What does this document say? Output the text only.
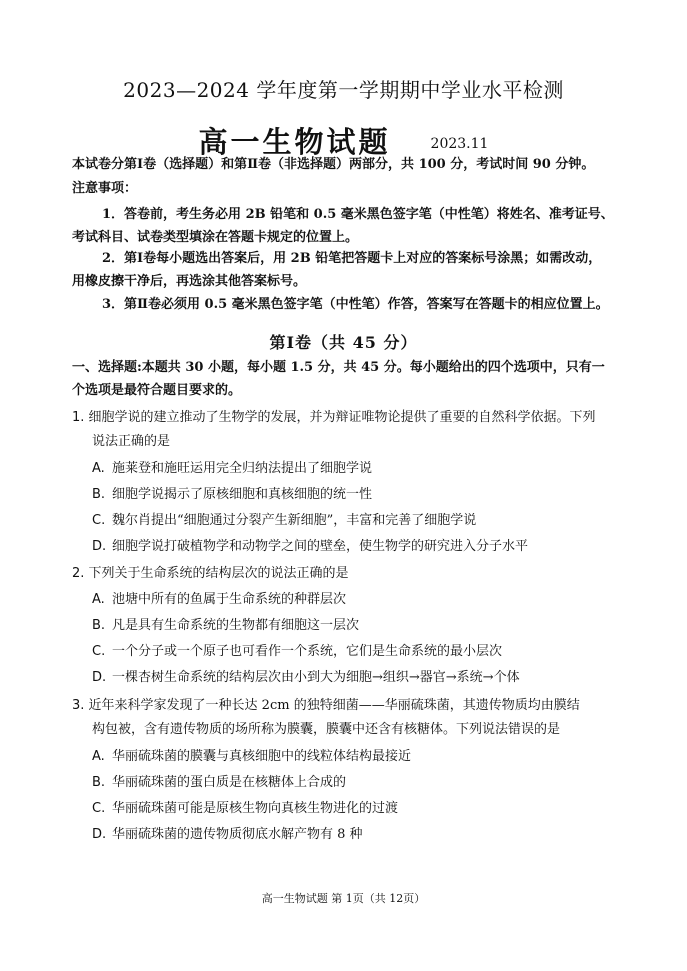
2023—2024 学年度第一学期期中学业水平检测
高一生物试题	2023.11
本试卷分第Ⅰ卷（选择题）和第Ⅱ卷（非选择题）两部分，共 100 分，考试时间 90 分钟。
注意事项：
1．答卷前，考生务必用 2B 铅笔和 0.5 毫米黑色签字笔（中性笔）将姓名、准考证号、
考试科目、试卷类型填涂在答题卡规定的位置上。
2．第Ⅰ卷每小题选出答案后，用 2B 铅笔把答题卡上对应的答案标号涂黑；如需改动，
用橡皮擦干净后，再选涂其他答案标号。
3．第Ⅱ卷必须用 0.5 毫米黑色签字笔（中性笔）作答，答案写在答题卡的相应位置上。
第Ⅰ卷（共 45 分）
一、选择题:本题共 30 小题，每小题 1.5 分，共 45 分。每小题给出的四个选项中，只有一
个选项是最符合题目要求的。
1. 细胞学说的建立推动了生物学的发展，并为辩证唯物论提供了重要的自然科学依据。下列
说法正确的是
A. 施莱登和施旺运用完全归纳法提出了细胞学说
B. 细胞学说揭示了原核细胞和真核细胞的统一性
C. 魏尔肖提出“细胞通过分裂产生新细胞”，丰富和完善了细胞学说
D. 细胞学说打破植物学和动物学之间的壁垒，使生物学的研究进入分子水平
2. 下列关于生命系统的结构层次的说法正确的是
A. 池塘中所有的鱼属于生命系统的种群层次
B. 凡是具有生命系统的生物都有细胞这一层次
C. 一个分子或一个原子也可看作一个系统，它们是生命系统的最小层次
D. 一棵杏树生命系统的结构层次由小到大为细胞→组织→器官→系统→个体
3. 近年来科学家发现了一种长达 2cm 的独特细菌——华丽硫珠菌，其遗传物质均由膜结
构包被，含有遗传物质的场所称为膜囊，膜囊中还含有核糖体。下列说法错误的是
A. 华丽硫珠菌的膜囊与真核细胞中的线粒体结构最接近
B. 华丽硫珠菌的蛋白质是在核糖体上合成的
C. 华丽硫珠菌可能是原核生物向真核生物进化的过渡
D. 华丽硫珠菌的遗传物质彻底水解产物有 8 种
高一生物试题 第 1页（共 12页）
